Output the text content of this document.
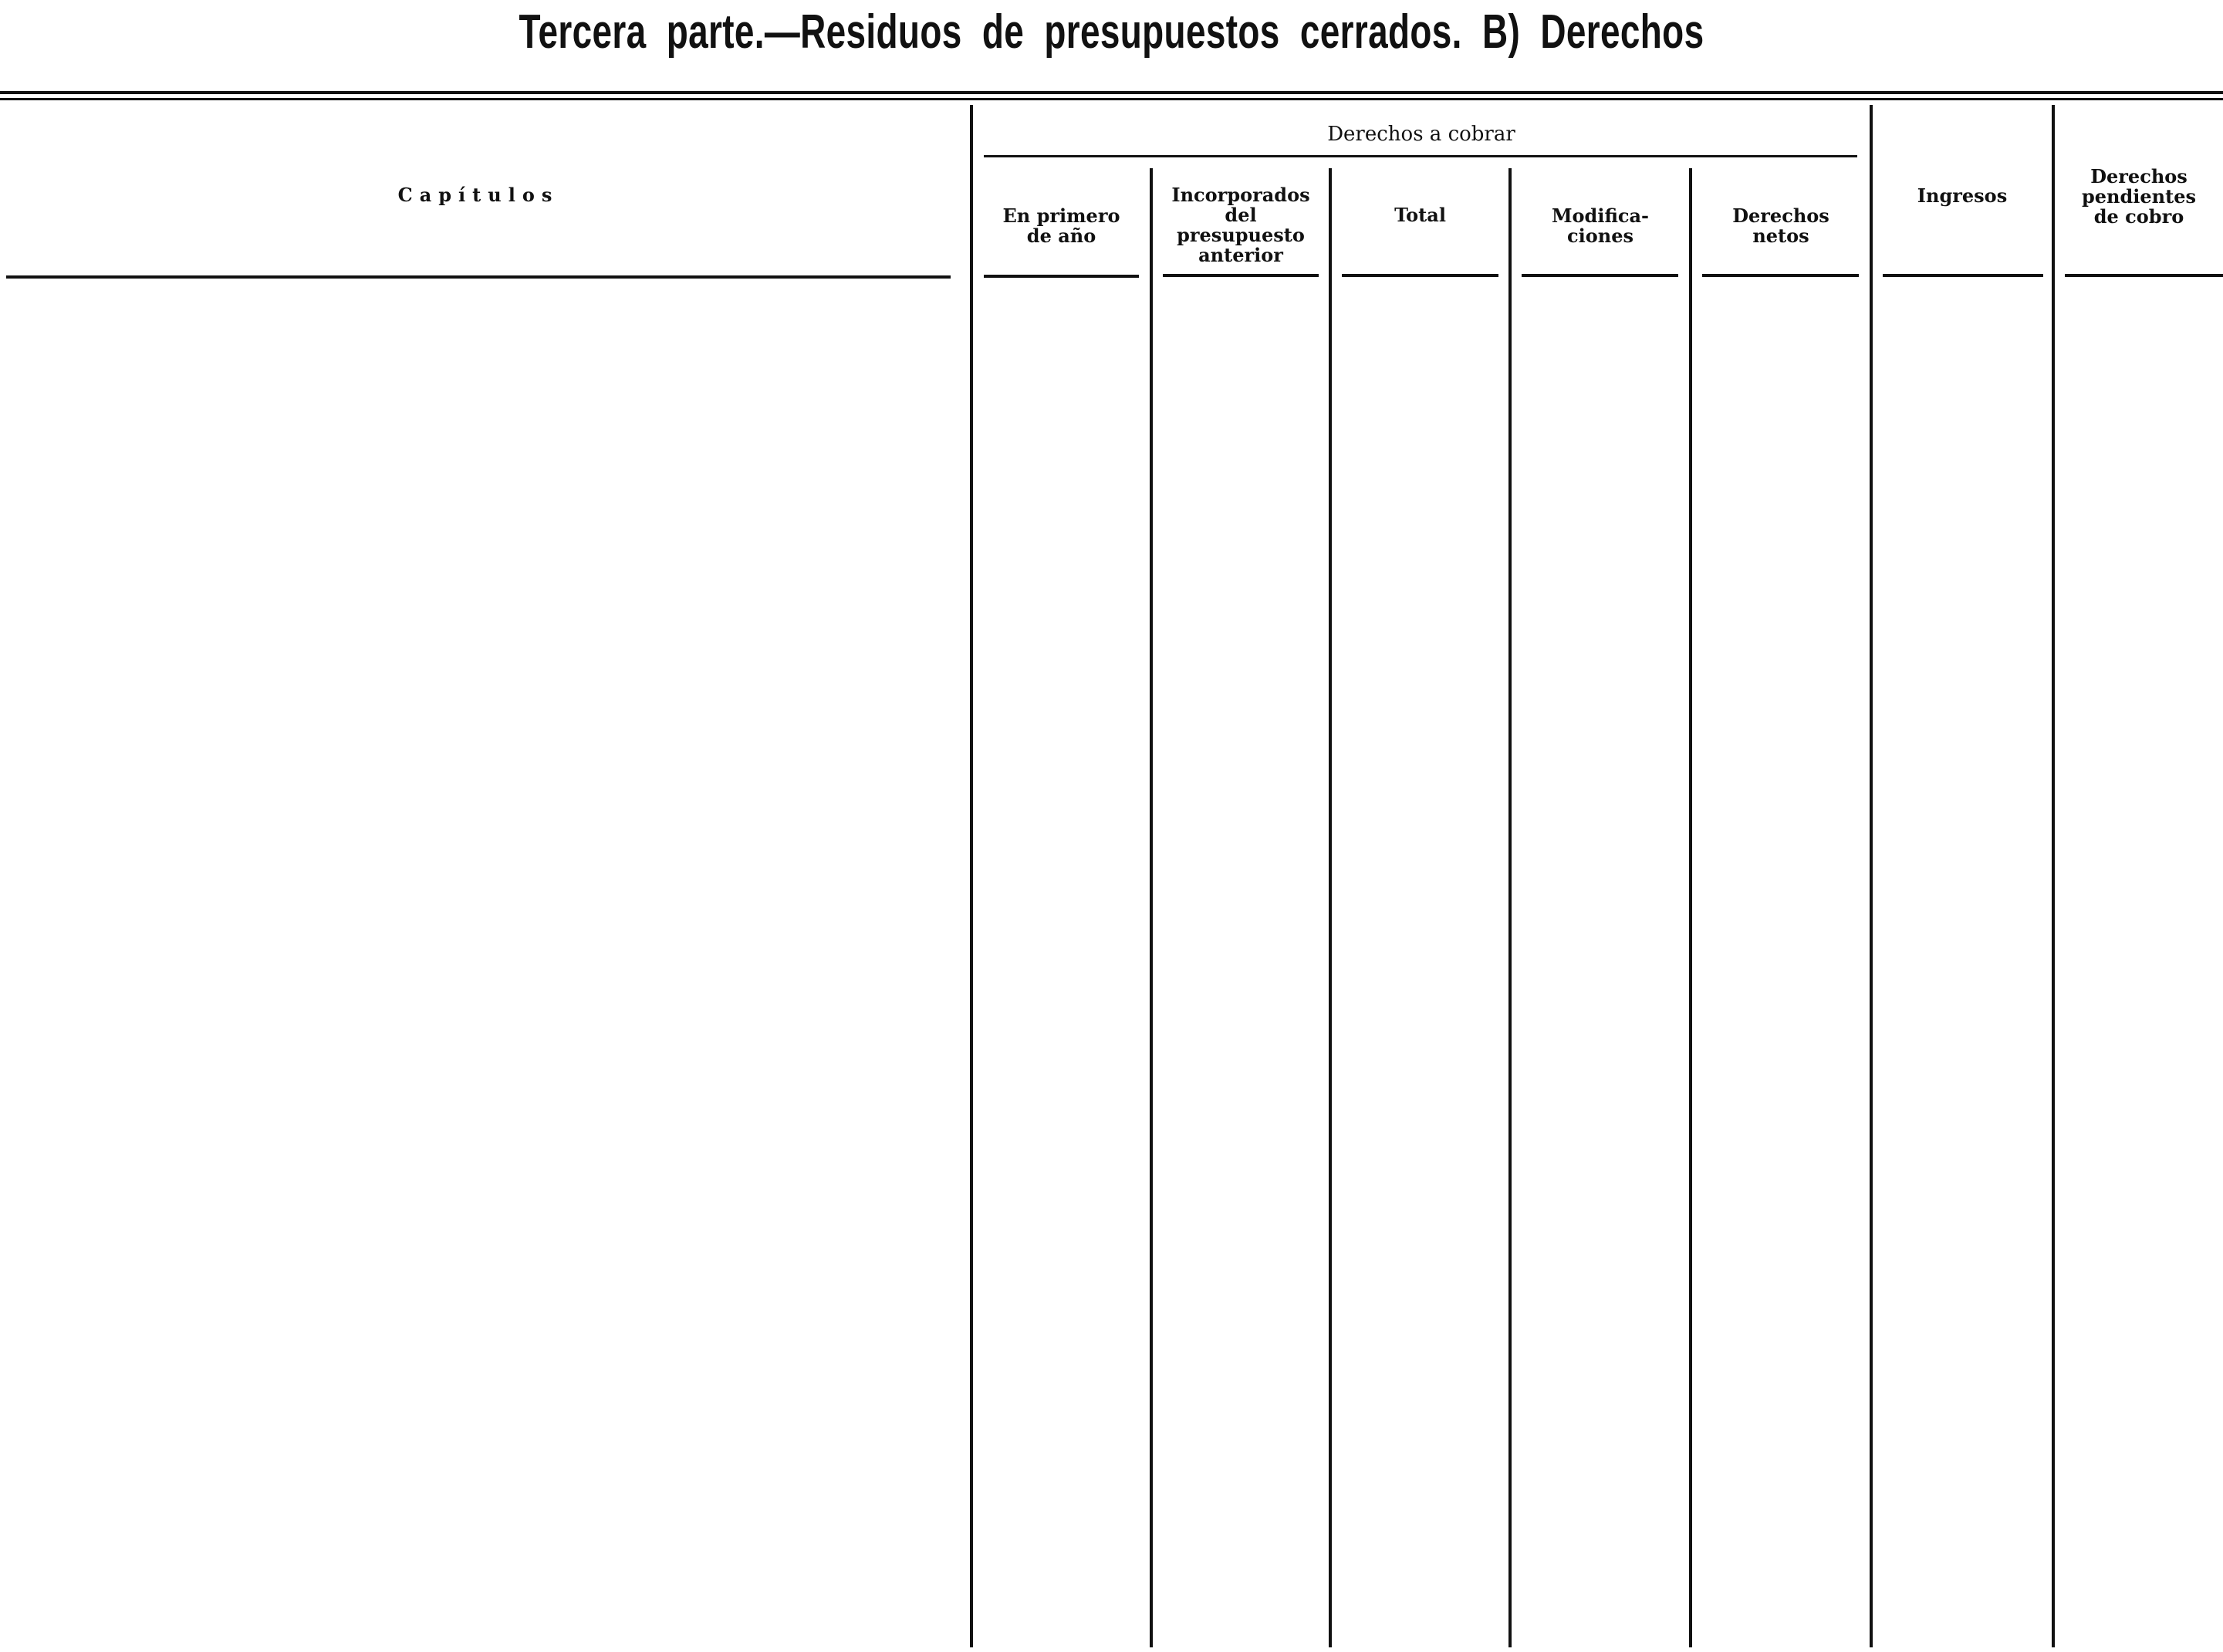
Tercera  parte.—Residuos  de  presupuestos  cerrados.  B)  Derechos
Capítulos
Derechos a cobrar
En primero
de año
Incorporados
del
presupuesto
anterior
Total	Modifica-
ciones
Derechos
netos
Ingresos
Derechos
pendientes
de cobro
